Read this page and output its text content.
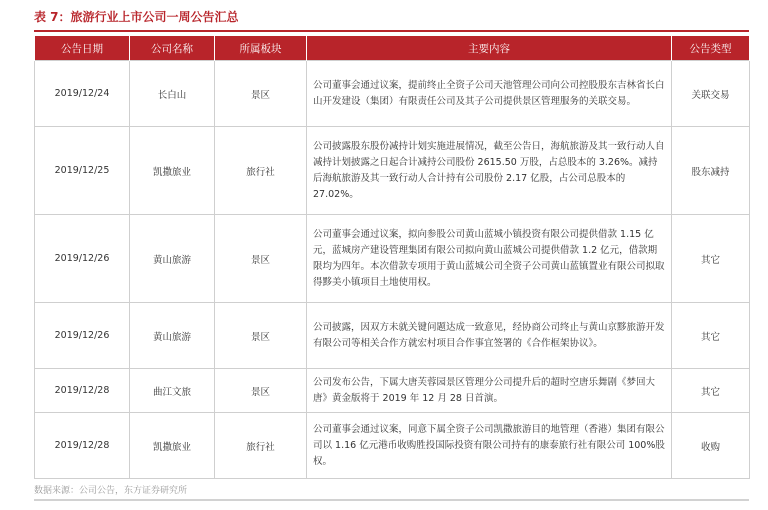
表 7：旅游行业上市公司一周公告汇总
公告日期	公司名称	所属板块	主要内容	公告类型
2019/12/24	长白山	景区	公司董事会通过议案，提前终止全资子公司天池管理公司向公司控股股东吉林省长白山开发建设（集团）有限责任公司及其子公司提供景区管理服务的关联交易。	关联交易
2019/12/25	凯撒旅业	旅行社	公司披露股东股份减持计划实施进展情况，截至公告日，海航旅游及其一致行动人自减持计划披露之日起合计减持公司股份 2615.50 万股，占总股本的 3.26%。减持后海航旅游及其一致行动人合计持有公司股份 2.17 亿股，占公司总股本的 27.02%。	股东减持
2019/12/26	黄山旅游	景区	公司董事会通过议案，拟向参股公司黄山蓝城小镇投资有限公司提供借款 1.15 亿元，蓝城房产建设管理集团有限公司拟向黄山蓝城公司提供借款 1.2 亿元，借款期限均为四年。本次借款专项用于黄山蓝城公司全资子公司黄山蓝镇置业有限公司拟取得黟美小镇项目土地使用权。	其它
2019/12/26	黄山旅游	景区	公司披露，因双方未就关键问题达成一致意见，经协商公司终止与黄山京黟旅游开发有限公司等相关合作方就宏村项目合作事宜签署的《合作框架协议》。	其它
2019/12/28	曲江文旅	景区	公司发布公告，下属大唐芙蓉园景区管理分公司提升后的超时空唐乐舞剧《梦回大唐》黄金版将于 2019 年 12 月 28 日首演。	其它
2019/12/28	凯撒旅业	旅行社	公司董事会通过议案，同意下属全资子公司凯撒旅游目的地管理（香港）集团有限公司以 1.16 亿元港币收购胜投国际投资有限公司持有的康泰旅行社有限公司 100%股权。	收购
数据来源：公司公告，东方证券研究所
